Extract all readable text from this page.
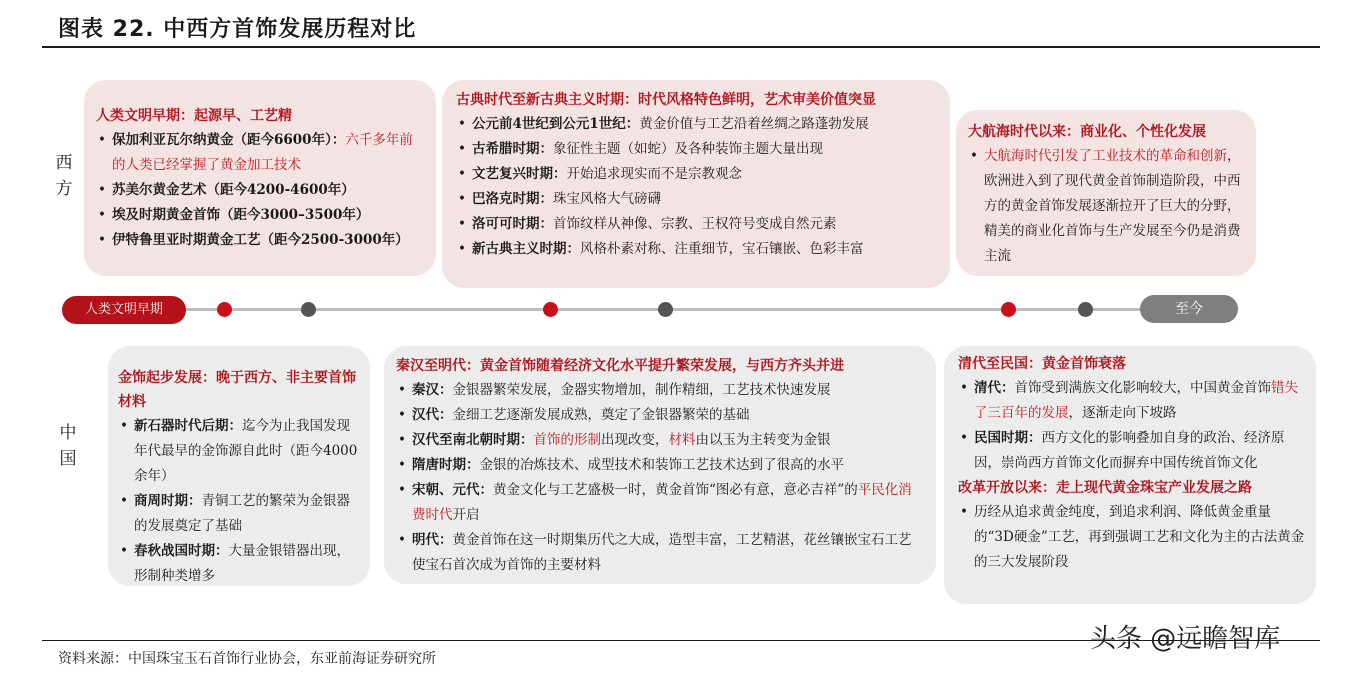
图表 22. 中西方首饰发展历程对比
西方
中国
人类文明早期：起源早、工艺精
• 保加利亚瓦尔纳黄金（距今6600年）：六千多年前的人类已经掌握了黄金加工技术
• 苏美尔黄金艺术（距今4200-4600年）
• 埃及时期黄金首饰（距今3000–3500年）
• 伊特鲁里亚时期黄金工艺（距今2500-3000年）
古典时代至新古典主义时期：时代风格特色鲜明，艺术审美价值突显
• 公元前4世纪到公元1世纪：黄金价值与工艺沿着丝绸之路蓬勃发展
• 古希腊时期：象征性主题（如蛇）及各种装饰主题大量出现
• 文艺复兴时期：开始追求现实而不是宗教观念
• 巴洛克时期：珠宝风格大气磅礴
• 洛可可时期：首饰纹样从神像、宗教、王权符号变成自然元素
• 新古典主义时期：风格朴素对称、注重细节，宝石镶嵌、色彩丰富
大航海时代以来：商业化、个性化发展
• 大航海时代引发了工业技术的革命和创新，欧洲进入到了现代黄金首饰制造阶段，中西方的黄金首饰发展逐渐拉开了巨大的分野，精美的商业化首饰与生产发展至今仍是消费主流
人类文明早期	至今
金饰起步发展：晚于西方、非主要首饰材料
• 新石器时代后期：迄今为止我国发现年代最早的金饰源自此时（距今4000余年）
• 商周时期：青铜工艺的繁荣为金银器的发展奠定了基础
• 春秋战国时期：大量金银错器出现，形制种类增多
秦汉至明代：黄金首饰随着经济文化水平提升繁荣发展，与西方齐头并进
• 秦汉：金银器繁荣发展，金器实物增加，制作精细，工艺技术快速发展
• 汉代：金细工艺逐渐发展成熟，奠定了金银器繁荣的基础
• 汉代至南北朝时期：首饰的形制出现改变，材料由以玉为主转变为金银
• 隋唐时期：金银的冶炼技术、成型技术和装饰工艺技术达到了很高的水平
• 宋朝、元代：黄金文化与工艺盛极一时，黄金首饰“图必有意，意必吉祥”的平民化消费时代开启
• 明代：黄金首饰在这一时期集历代之大成，造型丰富，工艺精湛，花丝镶嵌宝石工艺使宝石首次成为首饰的主要材料
清代至民国：黄金首饰衰落
• 清代：首饰受到满族文化影响较大，中国黄金首饰错失了三百年的发展，逐渐走向下坡路
• 民国时期：西方文化的影响叠加自身的政治、经济原因，崇尚西方首饰文化而摒弃中国传统首饰文化
改革开放以来：走上现代黄金珠宝产业发展之路
• 历经从追求黄金纯度，到追求利润、降低黄金重量的“3D硬金”工艺，再到强调工艺和文化为主的古法黄金的三大发展阶段
资料来源：中国珠宝玉石首饰行业协会，东亚前海证券研究所
头条 @远瞻智库
